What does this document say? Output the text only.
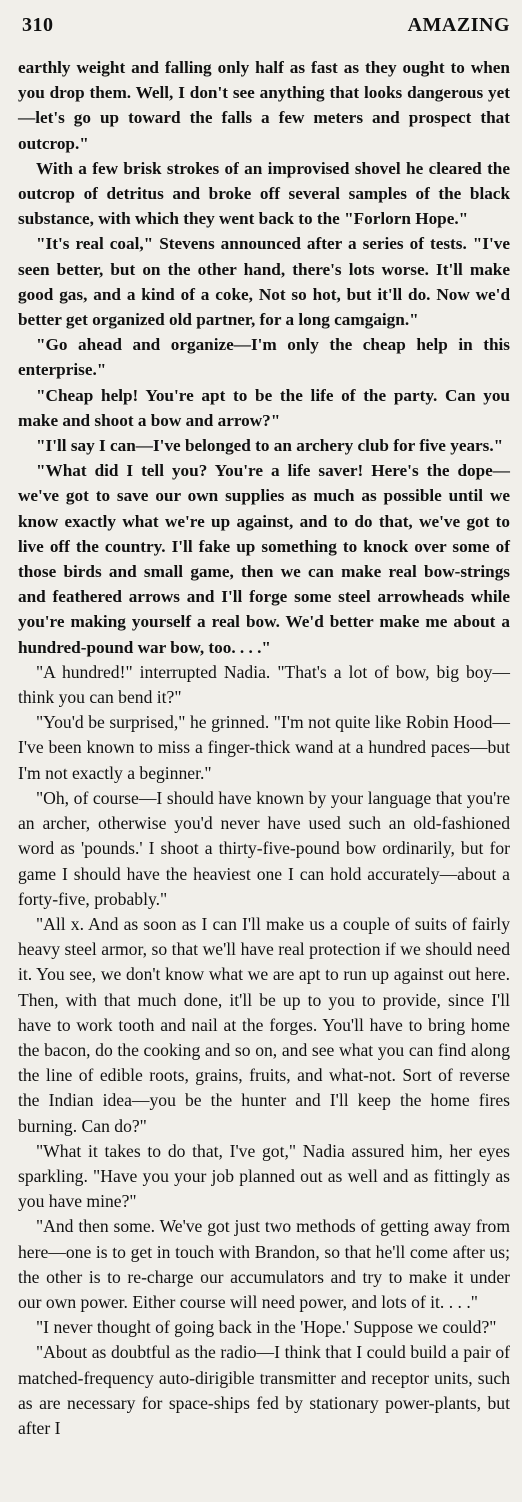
310	AMAZING

earthly weight and falling only half as fast as they ought to when you drop them. Well, I don't see anything that looks dangerous yet—let's go up toward the falls a few meters and prospect that outcrop."

With a few brisk strokes of an improvised shovel he cleared the outcrop of detritus and broke off several samples of the black substance, with which they went back to the "Forlorn Hope."

"It's real coal," Stevens announced after a series of tests. "I've seen better, but on the other hand, there's lots worse. It'll make good gas, and a kind of a coke, Not so hot, but it'll do. Now we'd better get organized old partner, for a long camgaign."

"Go ahead and organize—I'm only the cheap help in this enterprise."

"Cheap help! You're apt to be the life of the party. Can you make and shoot a bow and arrow?"

"I'll say I can—I've belonged to an archery club for five years."

"What did I tell you? You're a life saver! Here's the dope—we've got to save our own supplies as much as possible until we know exactly what we're up against, and to do that, we've got to live off the country. I'll fake up something to knock over some of those birds and small game, then we can make real bow-strings and feathered arrows and I'll forge some steel arrowheads while you're making yourself a real bow. We'd better make me about a hundred-pound war bow, too. . . ."

"A hundred!" interrupted Nadia. "That's a lot of bow, big boy—think you can bend it?"

"You'd be surprised," he grinned. "I'm not quite like Robin Hood—I've been known to miss a finger-thick wand at a hundred paces—but I'm not exactly a beginner."

"Oh, of course—I should have known by your language that you're an archer, otherwise you'd never have used such an old-fashioned word as 'pounds.' I shoot a thirty-five-pound bow ordinarily, but for game I should have the heaviest one I can hold accurately—about a forty-five, probably."

"All x. And as soon as I can I'll make us a couple of suits of fairly heavy steel armor, so that we'll have real protection if we should need it. You see, we don't know what we are apt to run up against out here. Then, with that much done, it'll be up to you to provide, since I'll have to work tooth and nail at the forges. You'll have to bring home the bacon, do the cooking and so on, and see what you can find along the line of edible roots, grains, fruits, and what-not. Sort of reverse the Indian idea—you be the hunter and I'll keep the home fires burning. Can do?"

"What it takes to do that, I've got," Nadia assured him, her eyes sparkling. "Have you your job planned out as well and as fittingly as you have mine?"

"And then some. We've got just two methods of getting away from here—one is to get in touch with Brandon, so that he'll come after us; the other is to re-charge our accumulators and try to make it under our own power. Either course will need power, and lots of it. . . ."

"I never thought of going back in the 'Hope.' Suppose we could?"

"About as doubtful as the radio—I think that I could build a pair of matched-frequency auto-dirigible transmitter and receptor units, such as are necessary for space-ships fed by stationary power-plants, but after I
